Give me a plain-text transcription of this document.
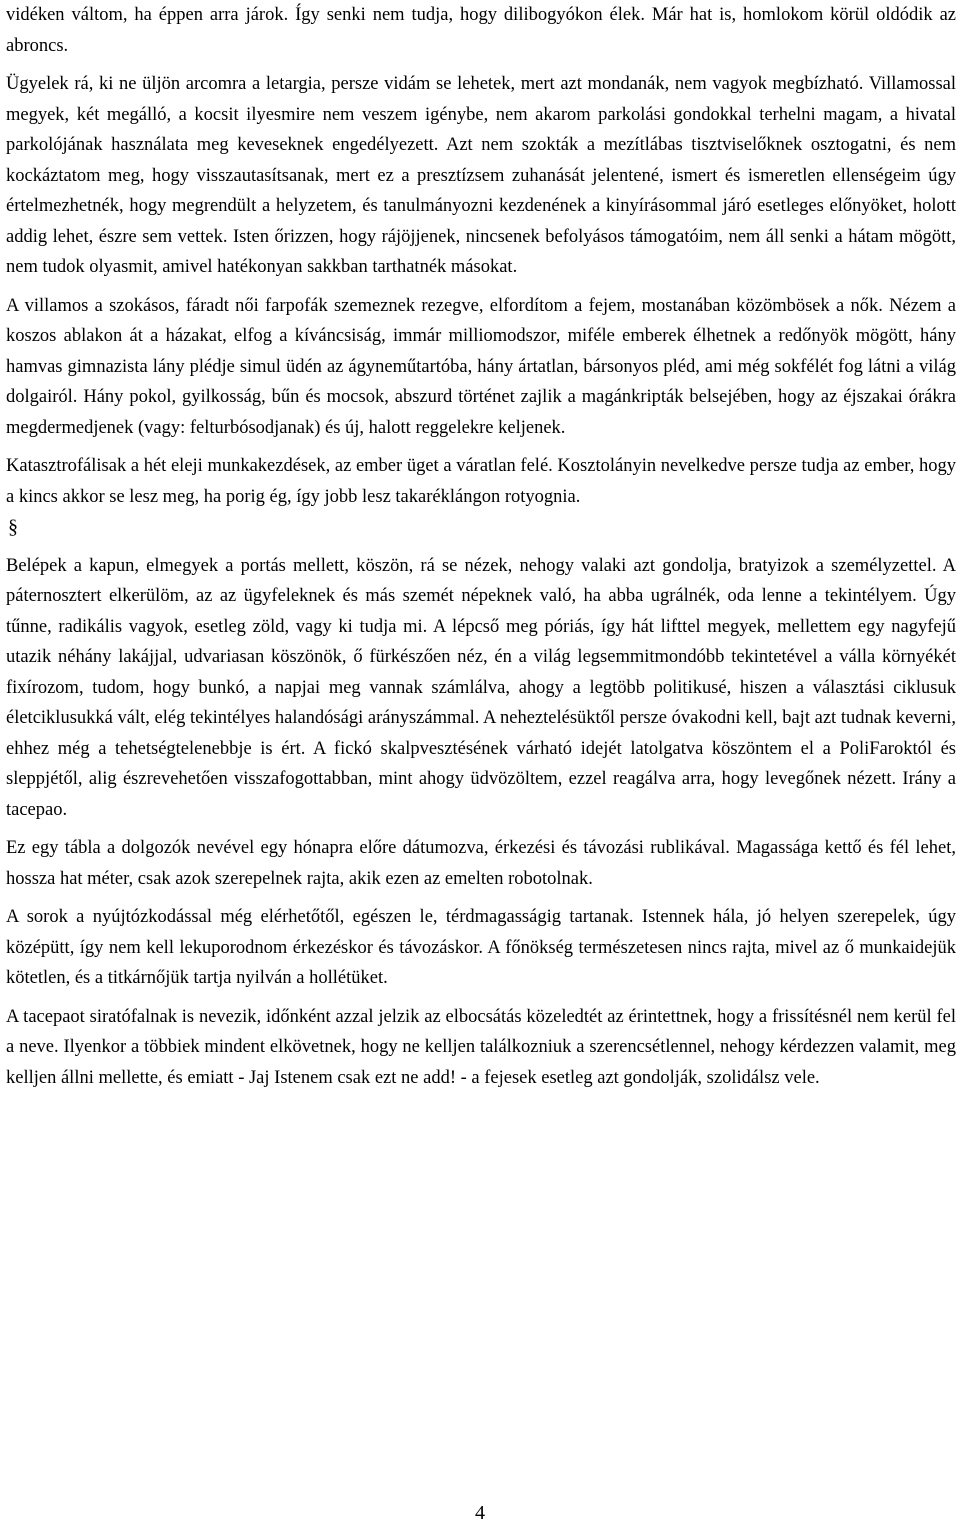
vidéken váltom, ha éppen arra járok. Így senki nem tudja, hogy dilibogyókon élek. Már hat is, homlokom körül oldódik az abroncs.

Ügyelek rá, ki ne üljön arcomra a letargia, persze vidám se lehetek, mert azt mondanák, nem vagyok megbízható. Villamossal megyek, két megálló, a kocsit ilyesmire nem veszem igénybe, nem akarom parkolási gondokkal terhelni magam, a hivatal parkolójának használata meg keveseknek engedélyezett. Azt nem szokták a mezítlábas tisztviselőknek osztogatni, és nem kockáztatom meg, hogy visszautasítsanak, mert ez a presztízsem zuhanását jelentené, ismert és ismeretlen ellenségeim úgy értelmezhetnék, hogy megrendült a helyzetem, és tanulmányozni kezdenének a kinyírásommal járó esetleges előnyöket, holott addig lehet, észre sem vettek. Isten őrizzen, hogy rájöjjenek, nincsenek befolyásos támogatóim, nem áll senki a hátam mögött, nem tudok olyasmit, amivel hatékonyan sakkban tarthatnék másokat.

A villamos a szokásos, fáradt női farpofák szemeznek rezegve, elfordítom a fejem, mostanában közömbösek a nők. Nézem a koszos ablakon át a házakat, elfog a kíváncsiság, immár milliomodszor, miféle emberek élhetnek a redőnyök mögött, hány hamvas gimnazista lány plédje simul üdén az ágyneműtartóba, hány ártatlan, bársonyos pléd, ami még sokfélét fog látni a világ dolgairól. Hány pokol, gyilkosság, bűn és mocsok, abszurd történet zajlik a magánkripták belsejében, hogy az éjszakai órákra megdermedjenek (vagy: felturbósodjanak) és új, halott reggelekre keljenek.

Katasztrofálisak a hét eleji munkakezdések, az ember üget a váratlan felé. Kosztolányin nevelkedve persze tudja az ember, hogy a kincs akkor se lesz meg, ha porig ég, így jobb lesz takaréklángon rotyognia.

§

Belépek a kapun, elmegyek a portás mellett, köszön, rá se nézek, nehogy valaki azt gondolja, bratyizok a személyzettel. A páternosztert elkerülöm, az az ügyfeleknek és más szemét népeknek való, ha abba ugrálnék, oda lenne a tekintélyem. Úgy tűnne, radikális vagyok, esetleg zöld, vagy ki tudja mi. A lépcső meg póriás, így hát lifttel megyek, mellettem egy nagyfejű utazik néhány lakájjal, udvariasan köszönök, ő fürkészően néz, én a világ legsemmitmondóbb tekintetével a válla környékét fixírozom, tudom, hogy bunkó, a napjai meg vannak számlálva, ahogy a legtöbb politikusé, hiszen a választási ciklusuk életciklusukká vált, elég tekintélyes halandósági arányszámmal. A neheztelésüktől persze óvakodni kell, bajt azt tudnak keverni, ehhez még a tehetségtelenebbje is ért. A fickó skalpvesztésének várható idejét latolgatva köszöntem el a PoliFaroktól és sleppjétől, alig észrevehetően visszafogottabban, mint ahogy üdvözöltem, ezzel reagálva arra, hogy levegőnek nézett. Irány a tacepao.

Ez egy tábla a dolgozók nevével egy hónapra előre dátumozva, érkezési és távozási rublikával. Magassága kettő és fél lehet, hossza hat méter, csak azok szerepelnek rajta, akik ezen az emelten robotolnak.

A sorok a nyújtózkodással még elérhetőtől, egészen le, térdmagasságig tartanak. Istennek hála, jó helyen szerepelek, úgy középütt, így nem kell lekuporodnom érkezéskor és távozáskor. A főnökség természetesen nincs rajta, mivel az ő munkaidejük kötetlen, és a titkárnőjük tartja nyilván a hollétüket.

A tacepaot siratófalnak is nevezik, időnként azzal jelzik az elbocsátás közeledtét az érintettnek, hogy a frissítésnél nem kerül fel a neve. Ilyenkor a többiek mindent elkövetnek, hogy ne kelljen találkozniuk a szerencsétlennel, nehogy kérdezzen valamit, meg kelljen állni mellette, és emiatt - Jaj Istenem csak ezt ne add! - a fejesek esetleg azt gondolják, szolidálsz vele.

4
